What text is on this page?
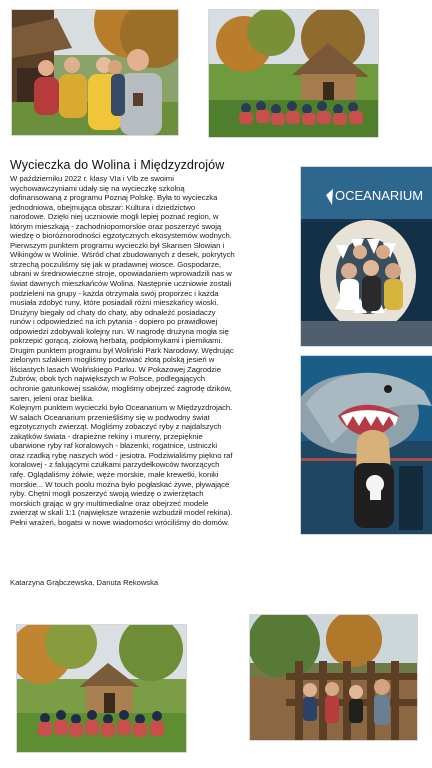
Wycieczka do Wolina i Międzyzdrojów

W październiku 2022 r. klasy VIa i VIb ze swoimi
wychowawczyniami udały się na wycieczkę szkolną
dofinansowaną z programu Poznaj Polskę. Była to wycieczka
jednodniowa, obejmująca obszar: Kultura i dziedzictwo
narodowe. Dzięki niej uczniowie mogli lepiej poznać region, w
którym mieszkają - zachodniopomorskie oraz poszerzyć swoją
wiedzę o bioróżnorodności egzotycznych ekosystemów wodnych.
Pierwszym punktem programu wycieczki był Skansen Słowian i
Wikingów w Wolinie. Wśród chat zbudowanych z desek, pokrytych
strzechą poczuliśmy się jak w pradawnej wiosce. Gospodarze,
ubrani w średniowieczne stroje, opowiadaniem wprowadzili nas w
świat dawnych mieszkańców Wolina. Następnie uczniowie zostali
podzieleni na grupy - każda otrzymała swój proporzec i każda
musiała zdobyć runy, które posiadali różni mieszkańcy wioski.
Drużyny biegały od chaty do chaty, aby odnaleźć posiadaczy
runów i odpowiedzieć na ich pytania - dopiero po prawidłowej
odpowiedzi zdobywali kolejny run. W nagrodę drużyna mogła się
pokrzepić gorącą, ziołową herbatą, podpłomykami i piernikami.
Drugim punktem programu był Woliński Park Narodowy. Wędrując
zielonym szlakiem mogliśmy podziwiać złotą polską jesień w
liściastych lasach Wolińskiego Parku. W Pokazowej Zagrodzie
Żubrów, obok tych największych w Polsce, podlegających
ochronie gatunkowej ssaków, mogliśmy obejrzeć zagrodę dzików,
saren, jeleni oraz bielika.
Kolejnym punktem wycieczki było Oceanarium w Międzyzdrojach.
W salach Oceanarium przenieśliśmy się w podwodny świat
egzotycznych zwierząt. Mogliśmy zobaczyć ryby z najdalszych
zakątków świata - drapieżne rekiny i mureny, przepięknie
ubarwione ryby raf koralowych - błazenki, rogatnice, ustniczki
oraz rzadką rybę naszych wód - jesiotra. Podziwialiśmy piękno raf
koralowej - z falującymi czułkami parzydełkowców tworzących
rafę. Oglądaliśmy żółwie, węże morskie, małe krewetki, koniki
morskie... W touch poolu można było pogłaskać żywe, pływające
ryby. Chętni mogli poszerzyć swoją wiedzę o zwierzętach
morskich grając w gry multimedialne oraz obejrzeć modele
zwierząt w skali 1:1 (największe wrażenie wzbudził model rekina).
Pełni wrażeń, bogatsi w nowe wiadomości wróciliśmy do domów.

Katarzyna Grąbczewska, Danuta Rekowska
OCEANARIUM
